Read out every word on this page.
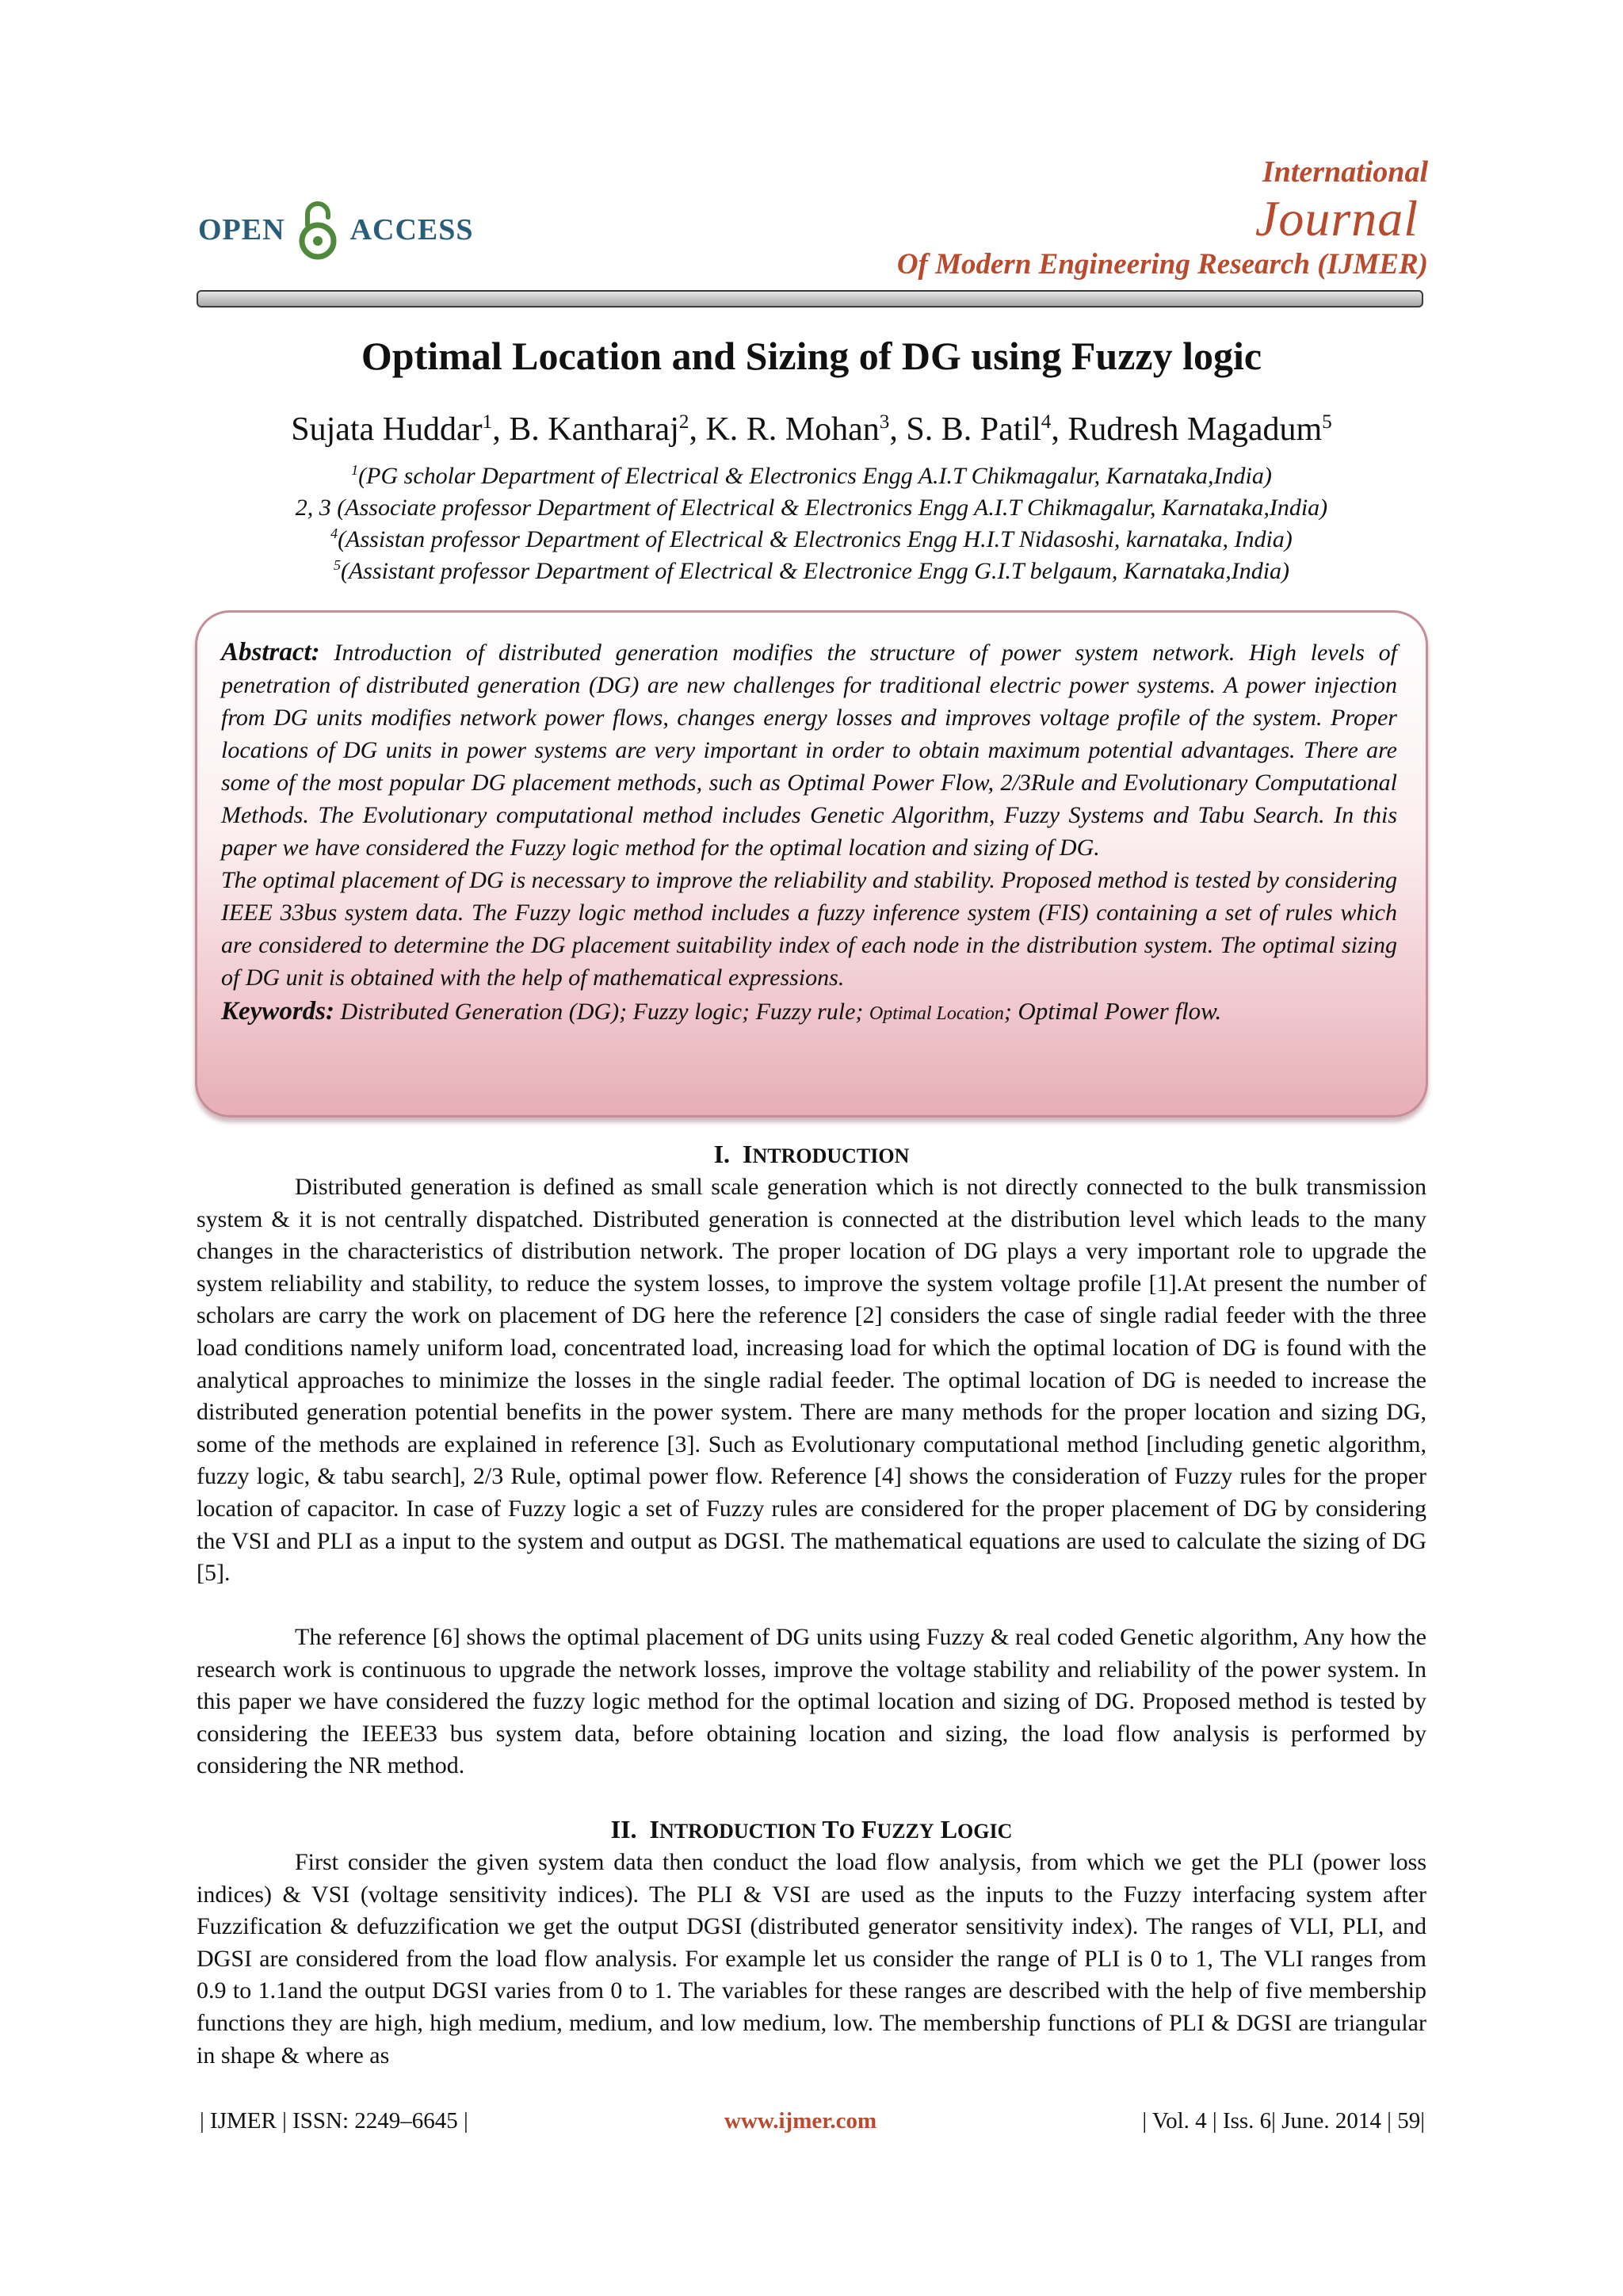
OPEN ACCESS
International
Journal
Of Modern Engineering Research (IJMER)
Optimal Location and Sizing of DG using Fuzzy logic
Sujata Huddar$^1$, B. Kantharaj$^2$, K. R. Mohan$^3$, S. B. Patil$^4$, Rudresh Magadum$^5$
$^1$(PG scholar Department of Electrical & Electronics Engg A.I.T Chikmagalur, Karnataka,India)
2, 3 (Associate professor Department of Electrical & Electronics Engg A.I.T Chikmagalur, Karnataka,India)
$^4$(Assistan professor Department of Electrical & Electronics Engg H.I.T Nidasoshi, karnataka, India)
$^5$(Assistant professor Department of Electrical & Electronice Engg G.I.T belgaum, Karnataka,India)

Abstract: Introduction of distributed generation modifies the structure of power system network. High levels of penetration of distributed generation (DG) are new challenges for traditional electric power systems. A power injection from DG units modifies network power flows, changes energy losses and improves voltage profile of the system. Proper locations of DG units in power systems are very important in order to obtain maximum potential advantages. There are some of the most popular DG placement methods, such as Optimal Power Flow, 2/3Rule and Evolutionary Computational Methods. The Evolutionary computational method includes Genetic Algorithm, Fuzzy Systems and Tabu Search. In this paper we have considered the Fuzzy logic method for the optimal location and sizing of DG.

The optimal placement of DG is necessary to improve the reliability and stability. Proposed method is tested by considering IEEE 33bus system data. The Fuzzy logic method includes a fuzzy inference system (FIS) containing a set of rules which are considered to determine the DG placement suitability index of each node in the distribution system. The optimal sizing of DG unit is obtained with the help of mathematical expressions.

Keywords: Distributed Generation (DG); Fuzzy logic; Fuzzy rule; Optimal Location; Optimal Power flow.

I. INTRODUCTION

Distributed generation is defined as small scale generation which is not directly connected to the bulk transmission system & it is not centrally dispatched. Distributed generation is connected at the distribution level which leads to the many changes in the characteristics of distribution network. The proper location of DG plays a very important role to upgrade the system reliability and stability, to reduce the system losses, to improve the system voltage profile [1].At present the number of scholars are carry the work on placement of DG here the reference [2] considers the case of single radial feeder with the three load conditions namely uniform load, concentrated load, increasing load for which the optimal location of DG is found with the analytical approaches to minimize the losses in the single radial feeder. The optimal location of DG is needed to increase the distributed generation potential benefits in the power system. There are many methods for the proper location and sizing DG, some of the methods are explained in reference [3]. Such as Evolutionary computational method [including genetic algorithm, fuzzy logic, & tabu search], 2/3 Rule, optimal power flow. Reference [4] shows the consideration of Fuzzy rules for the proper location of capacitor. In case of Fuzzy logic a set of Fuzzy rules are considered for the proper placement of DG by considering the VSI and PLI as a input to the system and output as DGSI. The mathematical equations are used to calculate the sizing of DG [5].

The reference [6] shows the optimal placement of DG units using Fuzzy & real coded Genetic algorithm, Any how the research work is continuous to upgrade the network losses, improve the voltage stability and reliability of the power system. In this paper we have considered the fuzzy logic method for the optimal location and sizing of DG. Proposed method is tested by considering the IEEE33 bus system data, before obtaining location and sizing, the load flow analysis is performed by considering the NR method.

II. INTRODUCTION TO FUZZY LOGIC

First consider the given system data then conduct the load flow analysis, from which we get the PLI (power loss indices) & VSI (voltage sensitivity indices). The PLI & VSI are used as the inputs to the Fuzzy interfacing system after Fuzzification & defuzzification we get the output DGSI (distributed generator sensitivity index). The ranges of VLI, PLI, and DGSI are considered from the load flow analysis. For example let us consider the range of PLI is 0 to 1, The VLI ranges from 0.9 to 1.1and the output DGSI varies from 0 to 1. The variables for these ranges are described with the help of five membership functions they are high, high medium, medium, and low medium, low. The membership functions of PLI & DGSI are triangular in shape & where as

| IJMER | ISSN: 2249–6645 |	www.ijmer.com	| Vol. 4 | Iss. 6| June. 2014 | 59|
